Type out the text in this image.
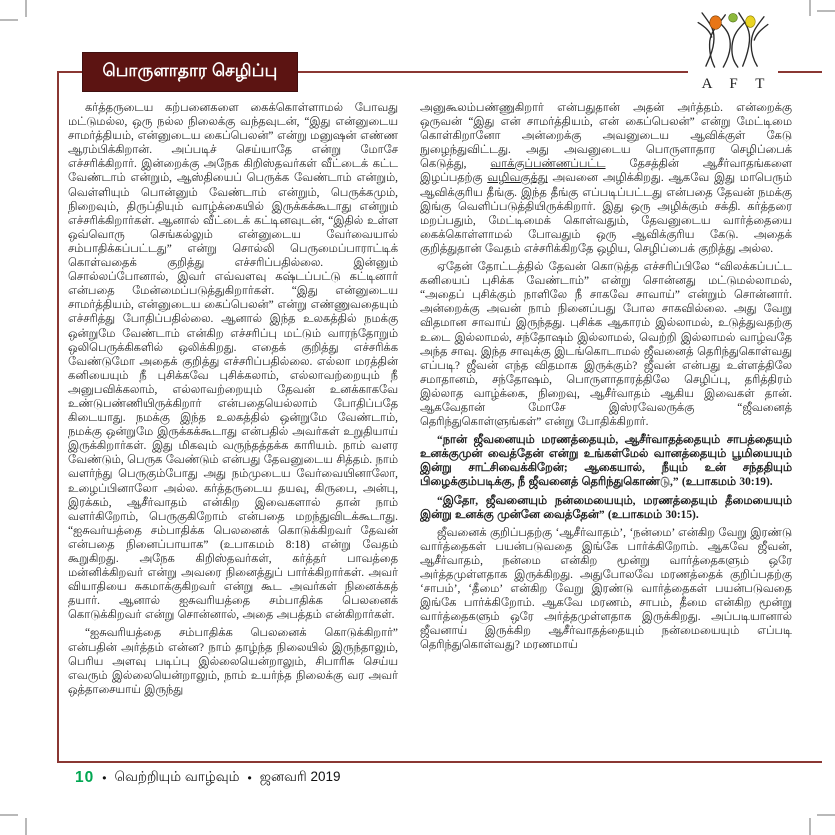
பொருளாதார செழிப்பு
A F T

கர்த்தருடைய கற்பனைகளை கைக்கொள்ளாமல் போவது மட்டுமல்ல, ஒரு நல்ல நிலைக்கு வந்தவுடன், “இது என்னுடைய சாமர்த்தியம், என்னுடைய கைப்பெலன்” என்று மனுஷன் எண்ண ஆரம்பிக்கிறான். அப்படிச் செய்யாதே என்று மோசே எச்சரிக்கிறார். இன்றைக்கு அநேக கிறிஸ்தவர்கள் வீட்டைக் கட்ட வேண்டாம் என்றும், ஆஸ்தியைப் பெருக்க வேண்டாம் என்றும், வெள்ளியும் பொன்னும் வேண்டாம் என்றும், பெருக்கமும், நிறைவும், திருப்தியும் வாழ்க்கையில் இருக்கக்கூடாது என்றும் எச்சரிக்கிறார்கள். ஆனால் வீட்டைக் கட்டினவுடன், “இதில் உள்ள ஒவ்வொரு செங்கல்லும் என்னுடைய வேர்வையால் சம்பாதிக்கப்பட்டது” என்று சொல்லி பெருமைப்பாராட்டிக் கொள்வதைக் குறித்து எச்சரிப்பதில்லை. இன்னும் சொல்லப்போனால், இவர் எவ்வளவு கஷ்டப்பட்டு கட்டினார் என்பதை மேன்மைப்படுத்துகிறார்கள். “இது என்னுடைய சாமர்த்தியம், என்னுடைய கைப்பெலன்” என்று எண்ணுவதையும் எச்சரித்து போதிப்பதில்லை. ஆனால் இந்த உலகத்தில் நமக்கு ஒன்றுமே வேண்டாம் என்கிற எச்சரிப்பு மட்டும் வாரந்தோறும் ஒலிபெருக்கிகளில் ஒலிக்கிறது. எதைக் குறித்து எச்சரிக்க வேண்டுமோ அதைக் குறித்து எச்சரிப்பதில்லை. எல்லா மரத்தின் கனியையும் நீ புசிக்கவே புசிக்கலாம், எல்லாவற்றையும் நீ அனுபவிக்கலாம், எல்லாவற்றையும் தேவன் உனக்காகவே உண்டுபண்ணியிருக்கிறார் என்பதையெல்லாம் போதிப்பதே கிடையாது. நமக்கு இந்த உலகத்தில் ஒன்றுமே வேண்டாம், நமக்கு ஒன்றுமே இருக்கக்கூடாது என்பதில் அவர்கள் உறுதியாய் இருக்கிறார்கள். இது மிகவும் வருந்தத்தக்க காரியம். நாம் வளர வேண்டும், பெருக வேண்டும் என்பது தேவனுடைய சித்தம். நாம் வளர்ந்து பெருகும்போது அது நம்முடைய வேர்வையினாலோ, உழைப்பினாலோ அல்ல. கர்த்தருடைய தயவு, கிருபை, அன்பு, இரக்கம், ஆசீர்வாதம் என்கிற இவைகளால் தான் நாம் வளர்கிறோம், பெருகுகிறோம் என்பதை மறந்துவிடக்கூடாது. “ஐசுவர்யத்தை சம்பாதிக்க பெலனைக் கொடுக்கிறவர் தேவன் என்பதை நினைப்பாயாக” (உபாகமம் 8:18) என்று வேதம் கூறுகிறது. அநேக கிறிஸ்தவர்கள், கர்த்தர் பாவத்தை மன்னிக்கிறவர் என்று அவரை நினைத்துப் பார்க்கிறார்கள். அவர் வியாதியை சுகமாக்குகிறவர் என்று கூட அவர்கள் நினைக்கத் தயார். ஆனால் ஐசுவரியத்தை சம்பாதிக்க பெலனைக் கொடுக்கிறவர் என்று சொன்னால், அதை அபத்தம் என்கிறார்கள்.

“ஐசுவரியத்தை சம்பாதிக்க பெலனைக் கொடுக்கிறார்” என்பதின் அர்த்தம் என்ன? நாம் தாழ்ந்த நிலையில் இருந்தாலும், பெரிய அளவு படிப்பு இல்லையென்றாலும், சிபாரிசு செய்ய எவரும் இல்லையென்றாலும், நாம் உயர்ந்த நிலைக்கு வர அவர் ஒத்தாசையாய் இருந்து

அனுகூலம்பண்ணுகிறார் என்பதுதான் அதன் அர்த்தம். என்றைக்கு ஒருவன் “இது என் சாமர்த்தியம், என் கைப்பெலன்” என்று மேட்டிமை கொள்கிறானோ அன்றைக்கு அவனுடைய ஆவிக்குள் கேடு நுழைந்துவிட்டது. அது அவனுடைய பொருளாதார செழிப்பைக் கெடுத்து, வாக்குப்பண்ணப்பட்ட தேசத்தின் ஆசீர்வாதங்களை இழப்பதற்கு வழிவகுத்து அவனை அழிக்கிறது. ஆகவே இது மாபெரும் ஆவிக்குரிய தீங்கு. இந்த தீங்கு எப்படிப்பட்டது என்பதை தேவன் நமக்கு இங்கு வெளிப்படுத்தியிருக்கிறார். இது ஒரு அழிக்கும் சக்தி. கர்த்தரை மறப்பதும், மேட்டிமைக் கொள்வதும், தேவனுடைய வார்த்தையை கைக்கொள்ளாமல் போவதும் ஒரு ஆவிக்குரிய கேடு. அதைக் குறித்துதான் வேதம் எச்சரிக்கிறதே ஒழிய, செழிப்பைக் குறித்து அல்ல.

ஏதேன் தோட்டத்தில் தேவன் கொடுத்த எச்சரிப்பிலே “விலக்கப்பட்ட கனியைப் புசிக்க வேண்டாம்” என்று சொன்னது மட்டுமல்லாமல், “அதைப் புசிக்கும் நாளிலே நீ சாகவே சாவாய்” என்றும் சொன்னார். அன்றைக்கு அவன் நாம் நினைப்பது போல சாகவில்லை. அது வேறு விதமான சாவாய் இருந்தது. புசிக்க ஆகாரம் இல்லாமல், உடுத்துவதற்கு உடை இல்லாமல், சந்தோஷம் இல்லாமல், வெற்றி இல்லாமல் வாழ்வதே அந்த சாவு. இந்த சாவுக்கு இடங்கொடாமல் ஜீவனைத் தெரிந்துகொள்வது எப்படி? ஜீவன் எந்த விதமாக இருக்கும்? ஜீவன் என்பது உள்ளத்திலே சமாதானம், சந்தோஷம், பொருளாதாரத்திலே செழிப்பு, தரித்திரம் இல்லாத வாழ்க்கை, நிறைவு, ஆசீர்வாதம் ஆகிய இவைகள் தான். ஆகவேதான் மோசே இஸ்ரவேலருக்கு “ஜீவனைத் தெரிந்துகொள்ளுங்கள்” என்று போதிக்கிறார்.

“நான் ஜீவனையும் மரணத்தையும், ஆசீர்வாதத்தையும் சாபத்தையும் உனக்குமுன் வைத்தேன் என்று உங்கள்மேல் வானத்தையும் பூமியையும் இன்று சாட்சிவைக்கிறேன்; ஆகையால், நீயும் உன் சந்ததியும் பிழைக்கும்படிக்கு, நீ ஜீவனைத் தெரிந்துகொண்டு,” (உபாகமம் 30:19).

“இதோ, ஜீவனையும் நன்மையையும், மரணத்தையும் தீமையையும் இன்று உனக்கு முன்னே வைத்தேன்” (உபாகமம் 30:15).

ஜீவனைக் குறிப்பதற்கு ‘ஆசீர்வாதம்’, ‘நன்மை’ என்கிற வேறு இரண்டு வார்த்தைகள் பயன்படுவதை இங்கே பார்க்கிறோம். ஆகவே ஜீவன், ஆசீர்வாதம், நன்மை என்கிற மூன்று வார்த்தைகளும் ஒரே அர்த்தமுள்ளதாக இருக்கிறது. அதுபோலவே மரணத்தைக் குறிப்பதற்கு ‘சாபம்’, ‘தீமை’ என்கிற வேறு இரண்டு வார்த்தைகள் பயன்படுவதை இங்கே பார்க்கிறோம். ஆகவே மரணம், சாபம், தீமை என்கிற மூன்று வார்த்தைகளும் ஒரே அர்த்தமுள்ளதாக இருக்கிறது. அப்படியானால் ஜீவனாய் இருக்கிற ஆசீர்வாதத்தையும் நன்மையையும் எப்படி தெரிந்துகொள்வது? மரணமாய்

10 • வெற்றியும் வாழ்வும் • ஜனவரி 2019
